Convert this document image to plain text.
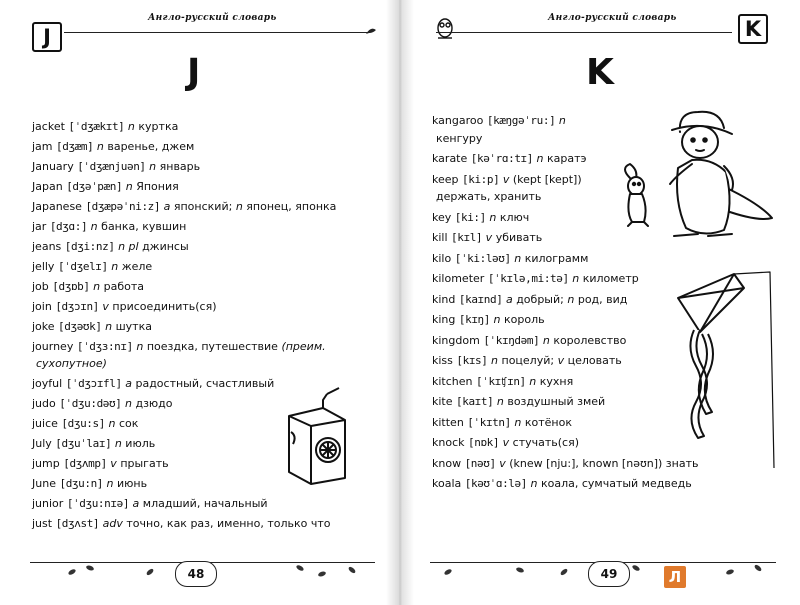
J
Англо-русский словарь
J
jacket [ˈdʒækɪt] n куртка
jam [dʒæm] n варенье, джем
January [ˈdʒænjuən] n январь
Japan [dʒəˈpæn] n Япония
Japanese [dʒæpəˈni:z] a японский; n японец, японка
jar [dʒɑ:] n банка, кувшин
jeans [dʒi:nz] n pl джинсы
jelly [ˈdʒelɪ] n желе
job [dʒɒb] n работа
join [dʒɔɪn] v присоединить(ся)
joke [dʒəʊk] n шутка
journey [ˈdʒɜ:nɪ] n поездка, путешествие (преим.
сухопутное)
joyful [ˈdʒɔɪfl] a радостный, счастливый
judo [ˈdʒu:dəʊ] n дзюдо
juice [dʒu:s] n сок
July [dʒuˈlaɪ] n июль
jump [dʒʌmp] v прыгать
June [dʒu:n] n июнь
junior [ˈdʒu:nɪə] a младший, начальный
just [dʒʌst] adv точно, как раз, именно, только что
48
Англо-русский словарь	K
K
kangaroo [kæŋgəˈru:] n
кенгуру
karate [kəˈrɑ:tɪ] n каратэ
keep [ki:p] v (kept [kept])
держать, хранить
key [ki:] n ключ
kill [kɪl] v убивать
kilo [ˈki:ləʊ] n килограмм
kilometer [ˈkɪlə,mi:tə] n километр
kind [kaɪnd] a добрый; n род, вид
king [kɪŋ] n король
kingdom [ˈkɪŋdəm] n королевство
kiss [kɪs] n поцелуй; v целовать
kitchen [ˈkɪʧɪn] n кухня
kite [kaɪt] n воздушный змей
kitten [ˈkɪtn] n котёнок
knock [nɒk] v стучать(ся)
know [nəʊ] v (knew [nju:], known [nəʊn]) знать
koala [kəʊˈɑ:lə] n коала, сумчатый медведь
49	Л
